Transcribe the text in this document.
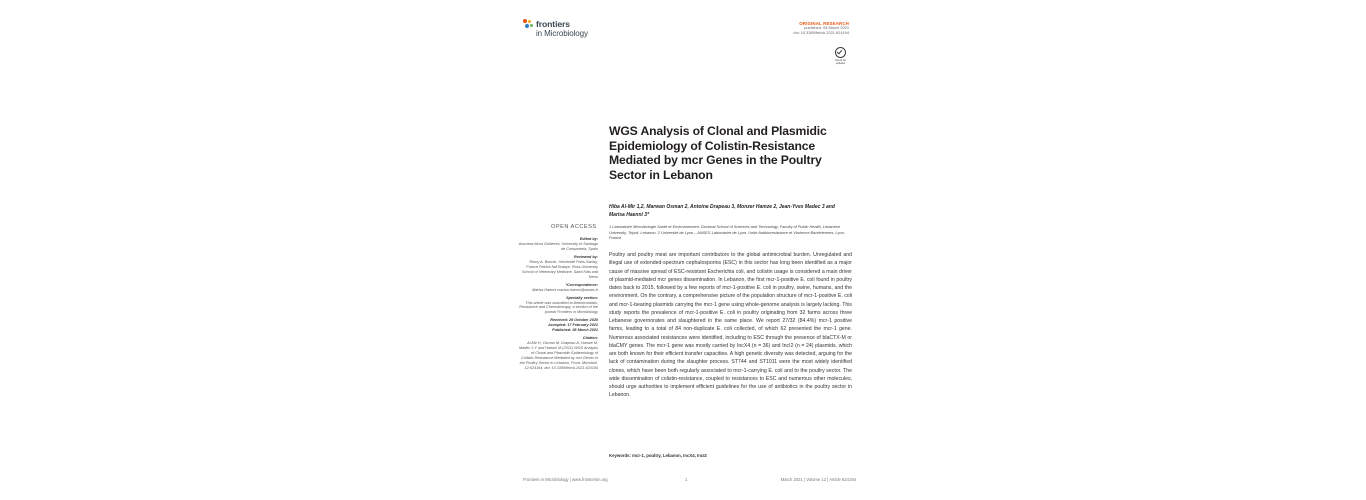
frontiers
in Microbiology
ORIGINAL RESEARCH
published: 08 March 2021
doi: 10.3389/fmicb.2021.624194
Check for updates
WGS Analysis of Clonal and Plasmidic Epidemiology of Colistin-Resistance Mediated by mcr Genes in the Poultry Sector in Lebanon
Hiba Al-Mir 1,2, Marwan Osman 2, Antoine Drapeau 3, Monzer Hamze 2, Jean-Yves Madec 3 and Marisa Haenni 3*
1 Laboratoire Microbiologie Santé et Environnement, Doctoral School of Sciences and Technology, Faculty of Public Health, Lebanese University, Tripoli, Lebanon, 2 Université de Lyon – ANSES Laboratoire de Lyon, Unité Antibiorésistance et Virulence Bactériennes, Lyon, France
OPEN ACCESS
Edited by:
Azucena Mora Gutiérrez, University of Santiago de Compostela, Spain
Reviewed by:
Remy A. Bonnin, Université Paris-Saclay, France Patrick Ndi Butaye, Ross University School of Veterinary Medicine, Saint Kitts and Nevis
*Correspondence:
Marisa Haenni marisa.haenni@anses.fr
Specialty section:
This article was submitted to Antimicrobials, Resistance and Chemotherapy, a section of the journal Frontiers in Microbiology
Received: 26 October 2020
Accepted: 17 February 2021
Published: 08 March 2021
Citation:
Al-Mir H, Osman M, Drapeau A, Hamze M, Madec J-Y and Haenni M (2021) WGS Analysis of Clonal and Plasmidic Epidemiology of Colistin-Resistance Mediated by mcr Genes in the Poultry Sector in Lebanon. Front. Microbiol. 12:624194. doi: 10.3389/fmicb.2021.624194
Poultry and poultry meat are important contributors to the global antimicrobial burden. Unregulated and illegal use of extended-spectrum cephalosporins (ESC) in this sector has long been identified as a major cause of massive spread of ESC-resistant Escherichia coli, and colistin usage is considered a main driver of plasmid-mediated mcr genes dissemination. In Lebanon, the first mcr-1-positive E. coli found in poultry dates back to 2015, followed by a few reports of mcr-1-positive E. coli in poultry, swine, humans, and the environment. On the contrary, a comprehensive picture of the population structure of mcr-1-positive E. coli and mcr-1-bearing plasmids carrying the mcr-1 gene using whole-genome analysis is largely lacking. This study reports the prevalence of mcr-1-positive E. coli in poultry originating from 32 farms across three Lebanese governorates and slaughtered in the same place. We report 27/32 (84.4%) mcr-1 positive farms, leading to a total of 84 non-duplicate E. coli collected, of which 62 presented the mcr-1 gene. Numerous associated resistances were identified, including to ESC through the presence of blaCTX-M or blaCMY genes. The mcr-1 gene was mostly carried by IncX4 (n = 36) and IncI2 (n = 24) plasmids, which are both known for their efficient transfer capacities. A high genetic diversity was detected, arguing for the lack of contamination during the slaughter process. ST744 and ST1011 were the most widely identified clones, which have been both regularly associated to mcr-1-carrying E. coli and to the poultry sector. The wide dissemination of colistin-resistance, coupled to resistances to ESC and numerous other molecules, should urge authorities to implement efficient guidelines for the use of antibiotics in the poultry sector in Lebanon.
Keywords: mcr-1, poultry, Lebanon, IncX4, IncI2
Frontiers in Microbiology | www.frontiersin.org	1	March 2021 | Volume 12 | Article 624194
